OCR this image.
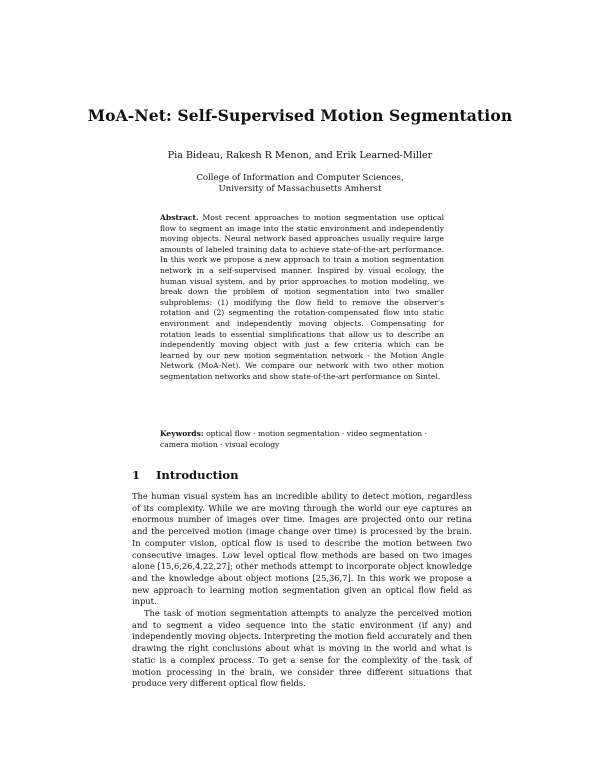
MoA-Net: Self-Supervised Motion Segmentation
Pia Bideau, Rakesh R Menon, and Erik Learned-Miller
College of Information and Computer Sciences,
University of Massachusetts Amherst
Abstract. Most recent approaches to motion segmentation use optical flow to segment an image into the static environment and independently moving objects. Neural network based approaches usually require large amounts of labeled training data to achieve state-of-the-art performance. In this work we propose a new approach to train a motion segmentation network in a self-supervised manner. Inspired by visual ecology, the human visual system, and by prior approaches to motion modeling, we break down the problem of motion segmentation into two smaller subproblems: (1) modifying the flow field to remove the observer's rotation and (2) segmenting the rotation-compensated flow into static environment and independently moving objects. Compensating for rotation leads to essential simplifications that allow us to describe an independently moving object with just a few criteria which can be learned by our new motion segmentation network - the Motion Angle Network (MoA-Net). We compare our network with two other motion segmentation networks and show state-of-the-art performance on Sintel.
Keywords: optical flow · motion segmentation · video segmentation · camera motion · visual ecology
1 Introduction

The human visual system has an incredible ability to detect motion, regardless of its complexity. While we are moving through the world our eye captures an enormous number of images over time. Images are projected onto our retina and the perceived motion (image change over time) is processed by the brain. In computer vision, optical flow is used to describe the motion between two consecutive images. Low level optical flow methods are based on two images alone [15,6,26,4,22,27]; other methods attempt to incorporate object knowledge and the knowledge about object motions [25,36,7]. In this work we propose a new approach to learning motion segmentation given an optical flow field as input.

The task of motion segmentation attempts to analyze the perceived motion and to segment a video sequence into the static environment (if any) and independently moving objects. Interpreting the motion field accurately and then drawing the right conclusions about what is moving in the world and what is static is a complex process. To get a sense for the complexity of the task of motion processing in the brain, we consider three different situations that produce very different optical flow fields.
